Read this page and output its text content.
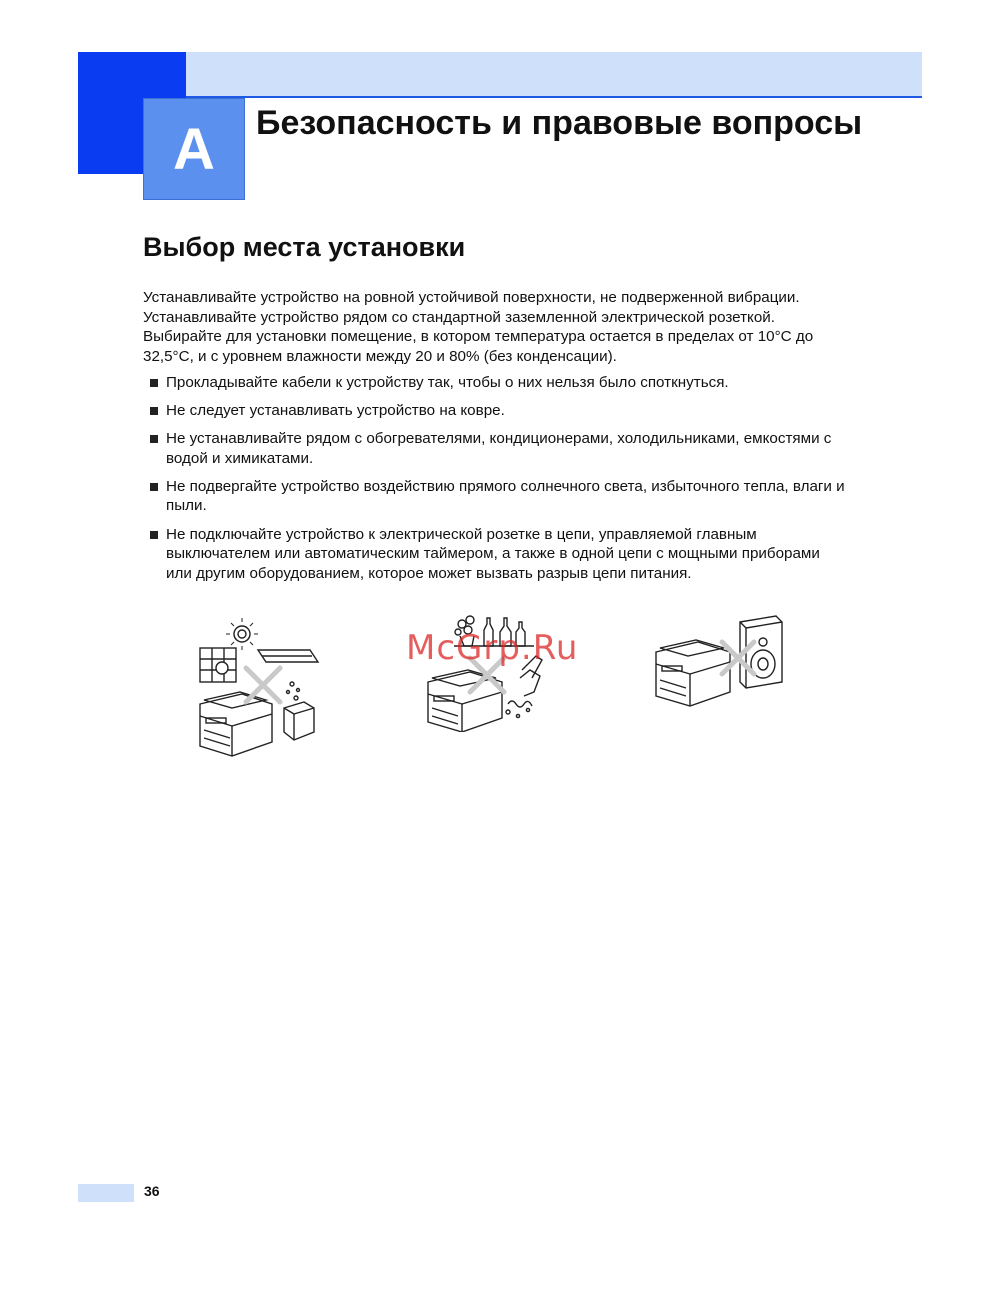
A	Безопасность и правовые вопросы
Выбор места установки

Устанавливайте устройство на ровной устойчивой поверхности, не подверженной вибрации.

Устанавливайте устройство рядом со стандартной заземленной электрической розеткой.

Выбирайте для установки помещение, в котором температура остается в пределах от 10°C до 32,5°C, и с уровнем влажности между 20 и 80% (без конденсации).

Прокладывайте кабели к устройству так, чтобы о них нельзя было споткнуться.
Не следует устанавливать устройство на ковре.
Не устанавливайте рядом с обогревателями, кондиционерами, холодильниками, емкостями с водой и химикатами.
Не подвергайте устройство воздействию прямого солнечного света, избыточного тепла, влаги и пыли.
Не подключайте устройство к электрической розетке в цепи, управляемой главным выключателем или автоматическим таймером, а также в одной цепи с мощными приборами или другим оборудованием, которое может вызвать разрыв цепи питания.
McGrp.Ru
36
